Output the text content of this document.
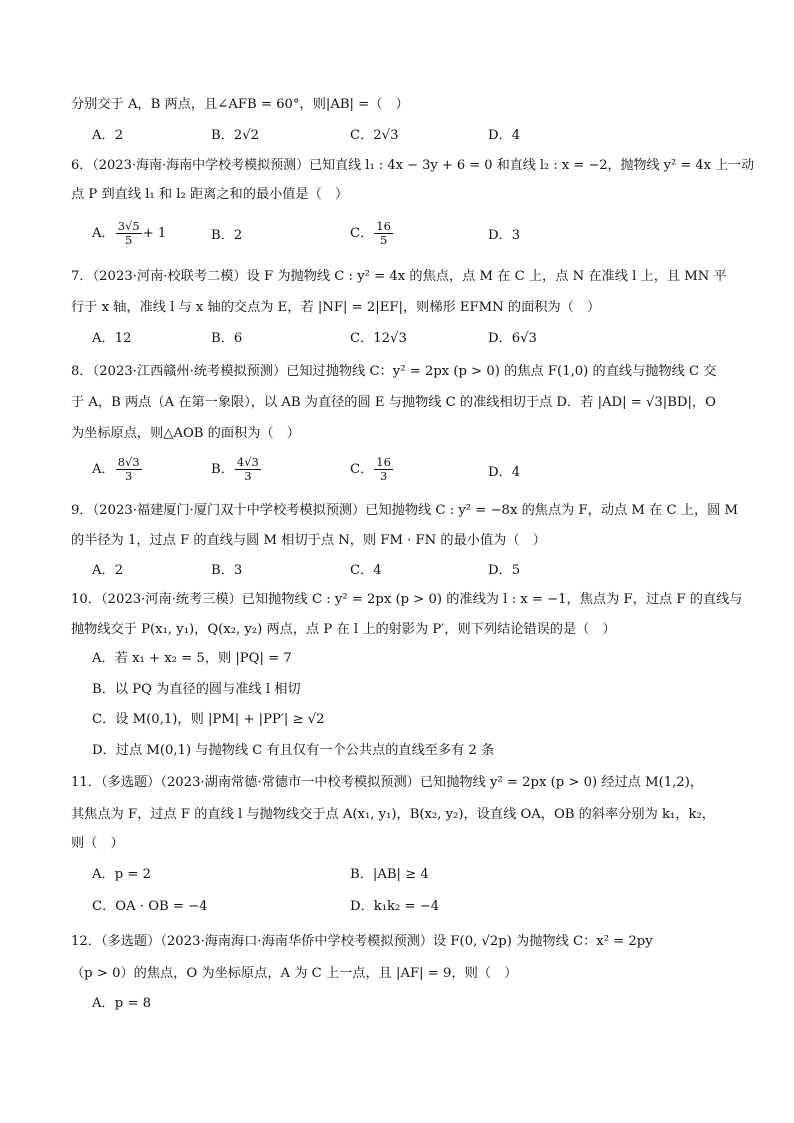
分别交于 A，B 两点，且∠AFB = 60°，则|AB| =（　）
A．2	B．2√2	C．2√3	D．4
6．（2023·海南·海南中学校考模拟预测）已知直线 l₁ : 4x − 3y + 6 = 0 和直线 l₂ : x = −2，抛物线 y² = 4x 上一动
点 P 到直线 l₁ 和 l₂ 距离之和的最小值是（　）
A． $\frac{3√5}{5} + 1$	B．2	C． $\frac{16}{5}$	D．3
7．（2023·河南·校联考二模）设 F 为抛物线 C : y² = 4x 的焦点，点 M 在 C 上，点 N 在准线 l 上，且 MN 平
行于 x 轴，准线 l 与 x 轴的交点为 E，若 |NF| = 2|EF|，则梯形 EFMN 的面积为（　）
A．12	B．6	C．12√3	D．6√3
8．（2023·江西赣州·统考模拟预测）已知过抛物线 C：y² = 2px (p > 0) 的焦点 F(1,0) 的直线与抛物线 C 交
于 A，B 两点（A 在第一象限），以 AB 为直径的圆 E 与抛物线 C 的准线相切于点 D．若 |AD| = √3|BD|，O
为坐标原点，则△AOB 的面积为（　）
A． $\frac{8√3}{3}$	B． $\frac{4√3}{3}$	C． $\frac{16}{3}$	D．4
9．（2023·福建厦门·厦门双十中学校考模拟预测）已知抛物线 C : y² = −8x 的焦点为 F，动点 M 在 C 上，圆 M
的半径为 1，过点 F 的直线与圆 M 相切于点 N，则 FM · FN 的最小值为（　）
A．2	B．3	C．4	D．5
10．（2023·河南·统考三模）已知抛物线 C : y² = 2px (p > 0) 的准线为 l : x = −1，焦点为 F，过点 F 的直线与
抛物线交于 P(x₁, y₁)，Q(x₂, y₂) 两点，点 P 在 l 上的射影为 P′，则下列结论错误的是（　）
A．若 x₁ + x₂ = 5，则 |PQ| = 7
B．以 PQ 为直径的圆与准线 l 相切
C．设 M(0,1)，则 |PM| + |PP′| ≥ √2
D．过点 M(0,1) 与抛物线 C 有且仅有一个公共点的直线至多有 2 条
11．（多选题）（2023·湖南常德·常德市一中校考模拟预测）已知抛物线 y² = 2px (p > 0) 经过点 M(1,2)，
其焦点为 F，过点 F 的直线 l 与抛物线交于点 A(x₁, y₁)，B(x₂, y₂)，设直线 OA，OB 的斜率分别为 k₁，k₂，
则（　）
A．p = 2	B．|AB| ≥ 4
C．OA · OB = −4	D．k₁k₂ = −4
12．（多选题）（2023·海南海口·海南华侨中学校考模拟预测）设 F(0, √2p) 为抛物线 C：x² = 2py
（p > 0）的焦点，O 为坐标原点，A 为 C 上一点，且 |AF| = 9，则（　）
A．p = 8
